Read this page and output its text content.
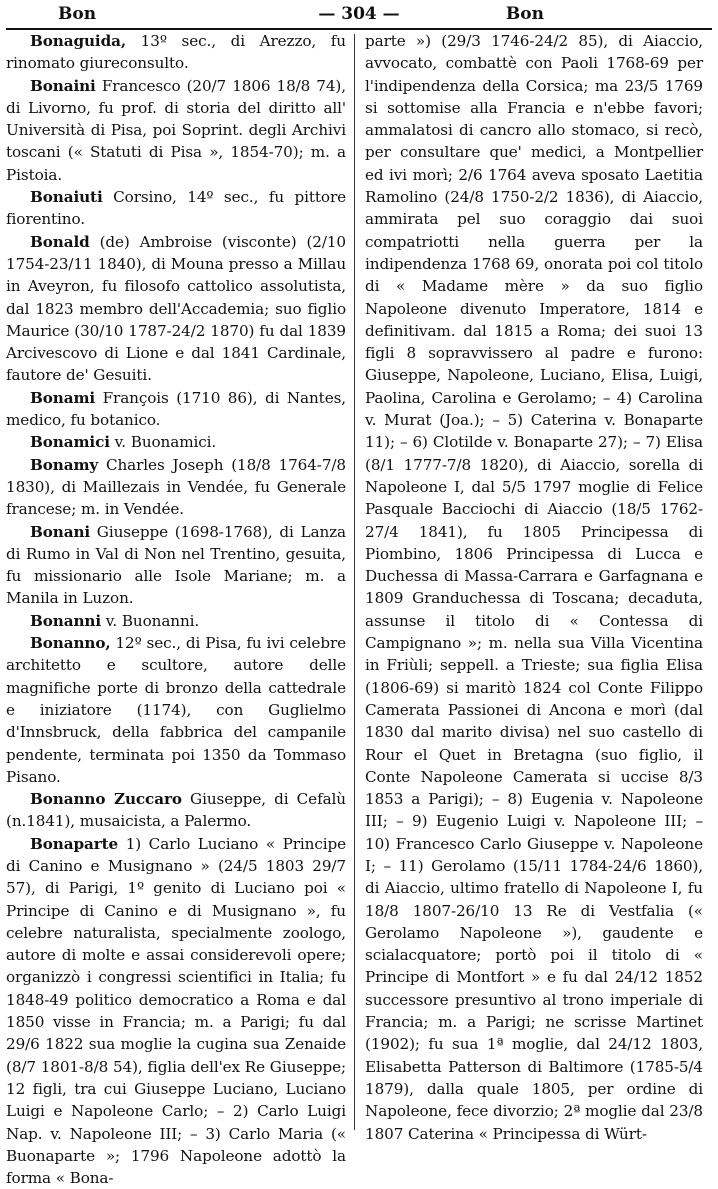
Bon	— 304 —	Bon

Bonaguida, 13º sec., di Arezzo, fu rinomato giureconsulto.

Bonaini Francesco (20/7 1806 18/8 74), di Livorno, fu prof. di storia del diritto all' Università di Pisa, poi Soprint. degli Archivi toscani (« Statuti di Pisa », 1854-70); m. a Pistoia.

Bonaiuti Corsino, 14º sec., fu pittore fiorentino.

Bonald (de) Ambroise (visconte) (2/10 1754-23/11 1840), di Mouna presso a Millau in Aveyron, fu filosofo cattolico assolutista, dal 1823 membro dell'Accademia; suo figlio Maurice (30/10 1787-24/2 1870) fu dal 1839 Arcivescovo di Lione e dal 1841 Cardinale, fautore de' Gesuiti.

Bonami François (1710 86), di Nantes, medico, fu botanico.

Bonamici v. Buonamici.

Bonamy Charles Joseph (18/8 1764-7/8 1830), di Maillezais in Vendée, fu Generale francese; m. in Vendée.

Bonani Giuseppe (1698-1768), di Lanza di Rumo in Val di Non nel Trentino, gesuita, fu missionario alle Isole Mariane; m. a Manila in Luzon.

Bonanni v. Buonanni.

Bonanno, 12º sec., di Pisa, fu ivi celebre architetto e scultore, autore delle magnifiche porte di bronzo della cattedrale e iniziatore (1174), con Guglielmo d'Innsbruck, della fabbrica del campanile pendente, terminata poi 1350 da Tommaso Pisano.

Bonanno Zuccaro Giuseppe, di Cefalù (n.1841), musaicista, a Palermo.

Bonaparte 1) Carlo Luciano « Principe di Canino e Musignano » (24/5 1803 29/7 57), di Parigi, 1º genito di Luciano poi « Principe di Canino e di Musignano », fu celebre naturalista, specialmente zoologo, autore di molte e assai considerevoli opere; organizzò i congressi scientifici in Italia; fu 1848-49 politico democratico a Roma e dal 1850 visse in Francia; m. a Parigi; fu dal 29/6 1822 sua moglie la cugina sua Zenaide (8/7 1801-8/8 54), figlia dell'ex Re Giuseppe; 12 figli, tra cui Giuseppe Luciano, Luciano Luigi e Napoleone Carlo; – 2) Carlo Luigi Nap. v. Napoleone III; – 3) Carlo Maria (« Buonaparte »; 1796 Napoleone adottò la forma « Bona-

parte ») (29/3 1746-24/2 85), di Aiaccio, avvocato, combattè con Paoli 1768-69 per l'indipendenza della Corsica; ma 23/5 1769 si sottomise alla Francia e n'ebbe favori; ammalatosi di cancro allo stomaco, si recò, per consultare que' medici, a Montpellier ed ivi morì; 2/6 1764 aveva sposato Laetitia Ramolino (24/8 1750-2/2 1836), di Aiaccio, ammirata pel suo coraggio dai suoi compatriotti nella guerra per la indipendenza 1768 69, onorata poi col titolo di « Madame mère » da suo figlio Napoleone divenuto Imperatore, 1814 e definitivam. dal 1815 a Roma; dei suoi 13 figli 8 sopravvissero al padre e furono: Giuseppe, Napoleone, Luciano, Elisa, Luigi, Paolina, Carolina e Gerolamo; – 4) Carolina v. Murat (Joa.); – 5) Caterina v. Bonaparte 11); – 6) Clotilde v. Bonaparte 27); – 7) Elisa (8/1 1777-7/8 1820), di Aiaccio, sorella di Napoleone I, dal 5/5 1797 moglie di Felice Pasquale Bacciochi di Aiaccio (18/5 1762-27/4 1841), fu 1805 Principessa di Piombino, 1806 Principessa di Lucca e Duchessa di Massa-Carrara e Garfagnana e 1809 Granduchessa di Toscana; decaduta, assunse il titolo di « Contessa di Campignano »; m. nella sua Villa Vicentina in Friùli; seppell. a Trieste; sua figlia Elisa (1806-69) si maritò 1824 col Conte Filippo Camerata Passionei di Ancona e morì (dal 1830 dal marito divisa) nel suo castello di Rour el Quet in Bretagna (suo figlio, il Conte Napoleone Camerata si uccise 8/3 1853 a Parigi); – 8) Eugenia v. Napoleone III; – 9) Eugenio Luigi v. Napoleone III; – 10) Francesco Carlo Giuseppe v. Napoleone I; – 11) Gerolamo (15/11 1784-24/6 1860), di Aiaccio, ultimo fratello di Napoleone I, fu 18/8 1807-26/10 13 Re di Vestfalia (« Gerolamo Napoleone »), gaudente e scialacquatore; portò poi il titolo di « Principe di Montfort » e fu dal 24/12 1852 successore presuntivo al trono imperiale di Francia; m. a Parigi; ne scrisse Martinet (1902); fu sua 1ª moglie, dal 24/12 1803, Elisabetta Patterson di Baltimore (1785-5/4 1879), dalla quale 1805, per ordine di Napoleone, fece divorzio; 2ª moglie dal 23/8 1807 Caterina « Principessa di Würt-
